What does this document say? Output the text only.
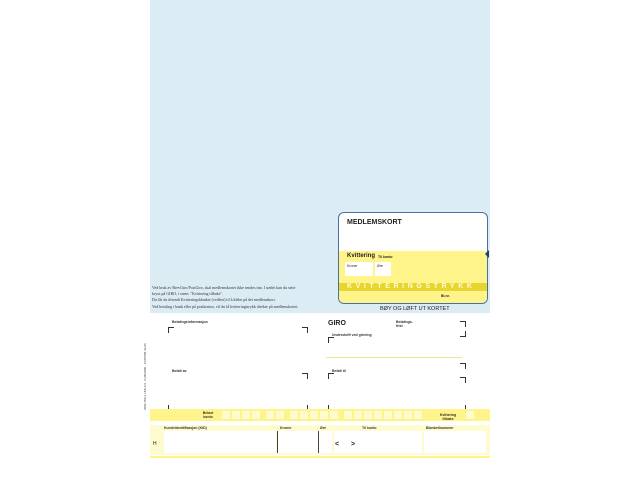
MEDLEMSKORT
Kvittering Til konto
Kroner	Øre
KVITTERINGSTRYKK
Bl.nr.
BØY OG LØFT UT KORTET

Ved bruk av BrevGiro/PostGiro, skal medlemskortet ikke sendes inn. I stedet kan du sette

kryss på GIRO, i ruten: "Kvittering tilbake".

Du får da tilsendt Kvitteringsblanket (vedlert) til å klebe på det medlemskort.

Ved betaling i bank eller på postkontor, vil du få kvitteringstrykk direkte på medlemskortet.

Betalingsinformasjon	GIRO	Betalings-frist
Underskrift ved girering
Betalt av	Betalt til
Belast konto	Kvittering tilbake
Kundeidentifikasjon (KID)	Kroner	Øre	Til konto	Blankettnummer
< >
H
2002 150-1 / 8/0-1/1 · 0,05/1000 · CA/07/96 32-06
